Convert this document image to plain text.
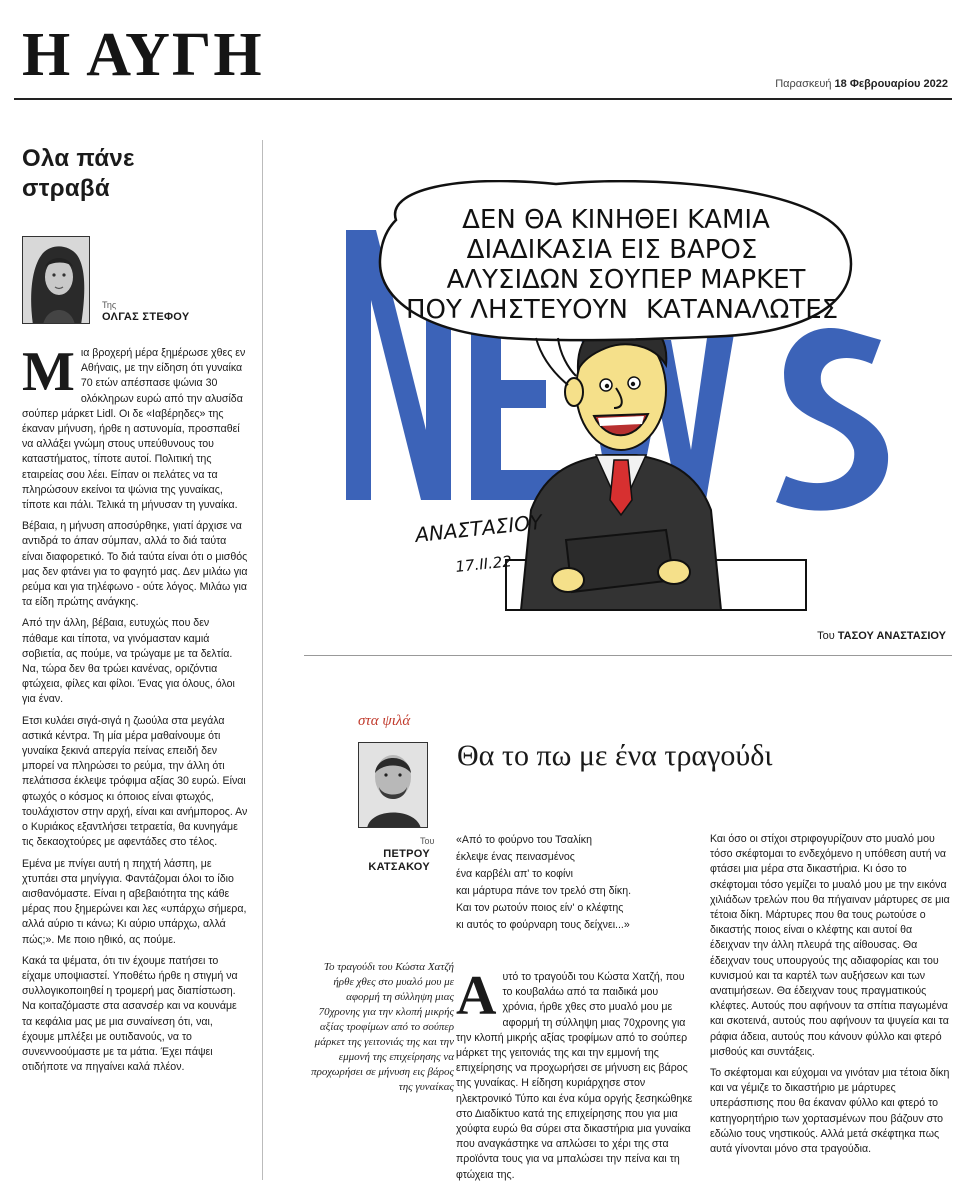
Η ΑΥΓΗ	Παρασκευή 18 Φεβρουαρίου 2022
Ολα πάνε
στραβά
Της
ΟΛΓΑΣ ΣΤΕΦΟΥ

Μια βροχερή μέρα ξημέρωσε χθες εν Αθήναις, με την είδηση ότι γυναίκα 70 ετών απέσπασε ψώνια 30 ολόκληρων ευρώ από την αλυσίδα σούπερ μάρκετ Lidl. Οι δε «Ιαβέρηδες» της έκαναν μήνυση, ήρθε η αστυνομία, προσπαθεί να αλλάξει γνώμη στους υπεύθυνους του καταστήματος, τίποτε αυτοί. Πολιτική της εταιρείας σου λέει. Είπαν οι πελάτες να τα πληρώσουν εκείνοι τα ψώνια της γυναίκας, τίποτε και πάλι. Τελικά τη μήνυσαν τη γυναίκα.

Βέβαια, η μήνυση αποσύρθηκε, γιατί άρχισε να αντιδρά το άπαν σύμπαν, αλλά το διά ταύτα είναι διαφορετικό. Το διά ταύτα είναι ότι ο μισθός μας δεν φτάνει για το φαγητό μας. Δεν μιλάω για ρεύμα και για τηλέφωνο - ούτε λόγος. Μιλάω για τα είδη πρώτης ανάγκης.

Από την άλλη, βέβαια, ευτυχώς που δεν πάθαμε και τίποτα, να γινόμασταν καμιά σοβιετία, ας πούμε, να τρώγαμε με τα δελτία. Να, τώρα δεν θα τρώει κανένας, οριζόντια φτώχεια, φίλες και φίλοι. Ένας για όλους, όλοι για έναν.

Ετσι κυλάει σιγά-σιγά η ζωούλα στα μεγάλα αστικά κέντρα. Τη μία μέρα μαθαίνουμε ότι γυναίκα ξεκινά απεργία πείνας επειδή δεν μπορεί να πληρώσει το ρεύμα, την άλλη ότι πελάτισσα έκλεψε τρόφιμα αξίας 30 ευρώ. Είναι φτωχός ο κόσμος κι όποιος είναι φτωχός, τουλάχιστον στην αρχή, είναι και ανήμπορος. Αν ο Κυριάκος εξαντλήσει τετραετία, θα κυνηγάμε τις δεκαοχτούρες με αφεντάδες στο τέλος.

Εμένα με πνίγει αυτή η πηχτή λάσπη, με χτυπάει στα μηνίγγια. Φαντάζομαι όλοι το ίδιο αισθανόμαστε. Είναι η αβεβαιότητα της κάθε μέρας που ξημερώνει και λες «υπάρχω σήμερα, αλλά αύριο τι κάνω; Κι αύριο υπάρχω, αλλά πώς;». Με ποιο ηθικό, ας πούμε.

Κακά τα ψέματα, ότι τιν έχουμε πατήσει το είχαμε υποψιαστεί. Υποθέτω ήρθε η στιγμή να συλλογικοποιηθεί η τρομερή μας διαπίστωση. Να κοιταζόμαστε στα ασανσέρ και να κουνάμε τα κεφάλια μας με μια συναίνεση ότι, ναι, έχουμε μπλέξει με ουτιδανούς, να το συνεννοούμαστε με τα μάτια. Έχει πάψει οτιδήποτε να πηγαίνει καλά πλέον.

ΔΕΝ ΘΑ ΚΙΝΗΘΕΙ ΚΑΜΙΑ
ΔΙΑΔΙΚΑΣΙΑ ΕΙΣ ΒΑΡΟΣ
ΑΛΥΣΙΔΩΝ ΣΟΥΠΕΡ ΜΑΡΚΕΤ
ΠΟΥ ΛΗΣΤΕΥΟΥΝ ΚΑΤΑΝΑΛΩΤΕΣ
ΑΝΑΣΤΑΣΙΟΥ
17.II.22
Του ΤΑΣΟΥ ΑΝΑΣΤΑΣΙΟΥ
στα ψιλά
Θα το πω με ένα τραγούδι
Του
ΠΕΤΡΟΥ
ΚΑΤΣΑΚΟΥ
«Από το φούρνο του Τσαλίκη
έκλεψε ένας πεινασμένος
ένα καρβέλι απ' το κοφίνι
και μάρτυρα πάνε τον τρελό στη δίκη.
Και τον ρωτούν ποιος είν' ο κλέφτης
κι αυτός το φούρναρη τους δείχνει...»
Το τραγούδι του Κώστα Χατζή ήρθε χθες στο μυαλό μου με αφορμή τη σύλληψη μιας 70χρονης για την κλοπή μικρής αξίας τροφίμων από το σούπερ μάρκετ της γειτονιάς της και την εμμονή της επιχείρησης να προχωρήσει σε μήνυση εις βάρος της γυναίκας

Αυτό το τραγούδι του Κώστα Χατζή, που το κουβαλάω από τα παιδικά μου χρόνια, ήρθε χθες στο μυαλό μου με αφορμή τη σύλληψη μιας 70χρονης για την κλοπή μικρής αξίας τροφίμων από το σούπερ μάρκετ της γειτονιάς της και την εμμονή της επιχείρησης να προχωρήσει σε μήνυση εις βάρος της γυναίκας. Η είδηση κυριάρχησε στον ηλεκτρονικό Τύπο και ένα κύμα οργής ξεσηκώθηκε στο Διαδίκτυο κατά της επιχείρησης που για μια χούφτα ευρώ θα σύρει στα δικαστήρια μια γυναίκα που αναγκάστηκε να απλώσει το χέρι της στα προϊόντα τους για να μπαλώσει την πείνα και τη φτώχεια της.

Και όσο οι στίχοι στριφογυρίζουν στο μυαλό μου τόσο σκέφτομαι το ενδεχόμενο η υπόθεση αυτή να φτάσει μια μέρα στα δικαστήρια. Κι όσο το σκέφτομαι τόσο γεμίζει το μυαλό μου με την εικόνα χιλιάδων τρελών που θα πήγαιναν μάρτυρες σε μια τέτοια δίκη. Μάρτυρες που θα τους ρωτούσε ο δικαστής ποιος είναι ο κλέφτης και αυτοί θα έδειχναν την άλλη πλευρά της αίθουσας. Θα έδειχναν τους υπουργούς της αδιαφορίας και του κυνισμού και τα καρτέλ των αυξήσεων και των ανατιμήσεων. Θα έδειχναν τους πραγματικούς κλέφτες. Αυτούς που αφήνουν τα σπίτια παγωμένα και σκοτεινά, αυτούς που αφήνουν τα ψυγεία και τα ράφια άδεια, αυτούς που κάνουν φύλλο και φτερό μισθούς και συντάξεις.

Το σκέφτομαι και εύχομαι να γινόταν μια τέτοια δίκη και να γέμιζε το δικαστήριο με μάρτυρες υπεράσπισης που θα έκαναν φύλλο και φτερό το κατηγορητήριο των χορτασμένων που βάζουν στο εδώλιο τους νηστικούς. Αλλά μετά σκέφτηκα πως αυτά γίνονται μόνο στα τραγούδια.
